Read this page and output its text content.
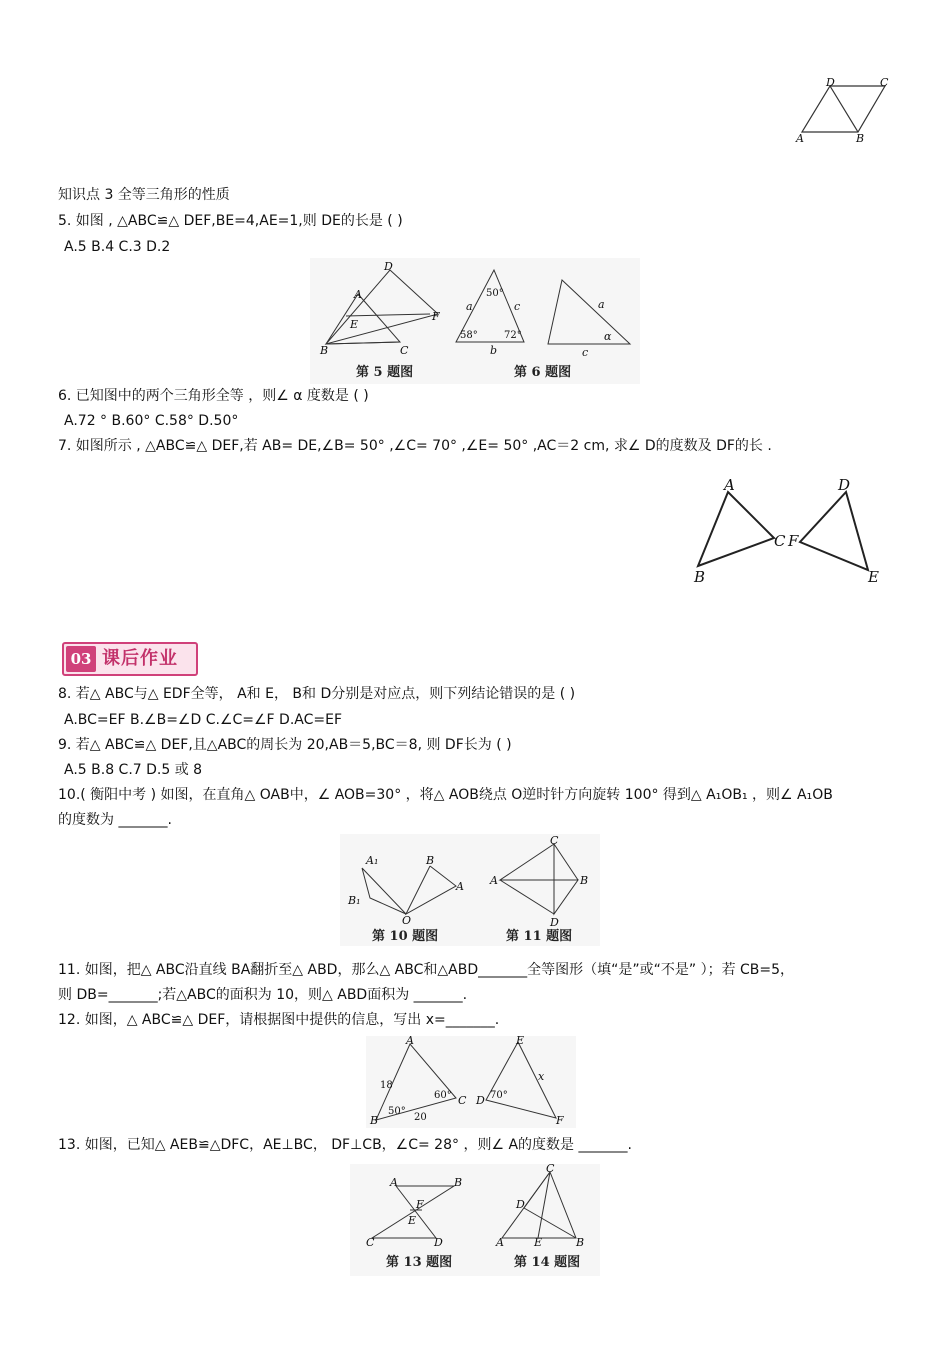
D	C
A	B
知识点 3 全等三角形的性质
5. 如图 , △ABC≌△ DEF,BE=4,AE=1,则 DE的长是 ( )
A.5 B.4 C.3 D.2
D
A
E
F
B	C
第 5 题图
a	c
b
50°
58°	72°
a
c
α
第 6 题图
6. 已知图中的两个三角形全等 ，则∠ α 度数是 ( )
A.72 ° B.60° C.58° D.50°
7. 如图所示 , △ABC≌△ DEF,若 AB= DE,∠B= 50° ,∠C= 70° ,∠E= 50° ,AC＝2 cm, 求∠ D的度数及 DF的长 .
A	D
C F
B	E
03 课后作业
8. 若△ ABC与△ EDF全等， A和 E， B和 D分别是对应点，则下列结论错误的是 ( )
A.BC=EF B.∠B=∠D C.∠C=∠F D.AC=EF
9. 若△ ABC≌△ DEF,且△ABC的周长为 20,AB＝5,BC＝8, 则 DF长为 ( )
A.5 B.8 C.7 D.5 或 8
10.( 衡阳中考 ) 如图，在直角△ OAB中，∠ AOB=30° ，将△ AOB绕点 O逆时针方向旋转 100° 得到△ A₁OB₁ ，则∠ A₁OB
的度数为 _______.
A₁	B
B₁
A
O
第 10 题图
C
A	B
D
第 11 题图
11. 如图，把△ ABC沿直线 BA翻折至△ ABD，那么△ ABC和△ABD_______全等图形（填“是”或“不是” ）；若 CB=5，
则 DB=_______;若△ABC的面积为 10，则△ ABD面积为 _______.
12. 如图，△ ABC≌△ DEF，请根据图中提供的信息，写出 x=_______.
A	E
x
B
C D
F
18
60°
50°
20
70°
13. 如图，已知△ AEB≌△DFC，AE⊥BC， DF⊥CB，∠C= 28° ，则∠ A的度数是 _______.
A	B
F
E
C	D
第 13 题图
C
D
A	E	B
第 14 题图
